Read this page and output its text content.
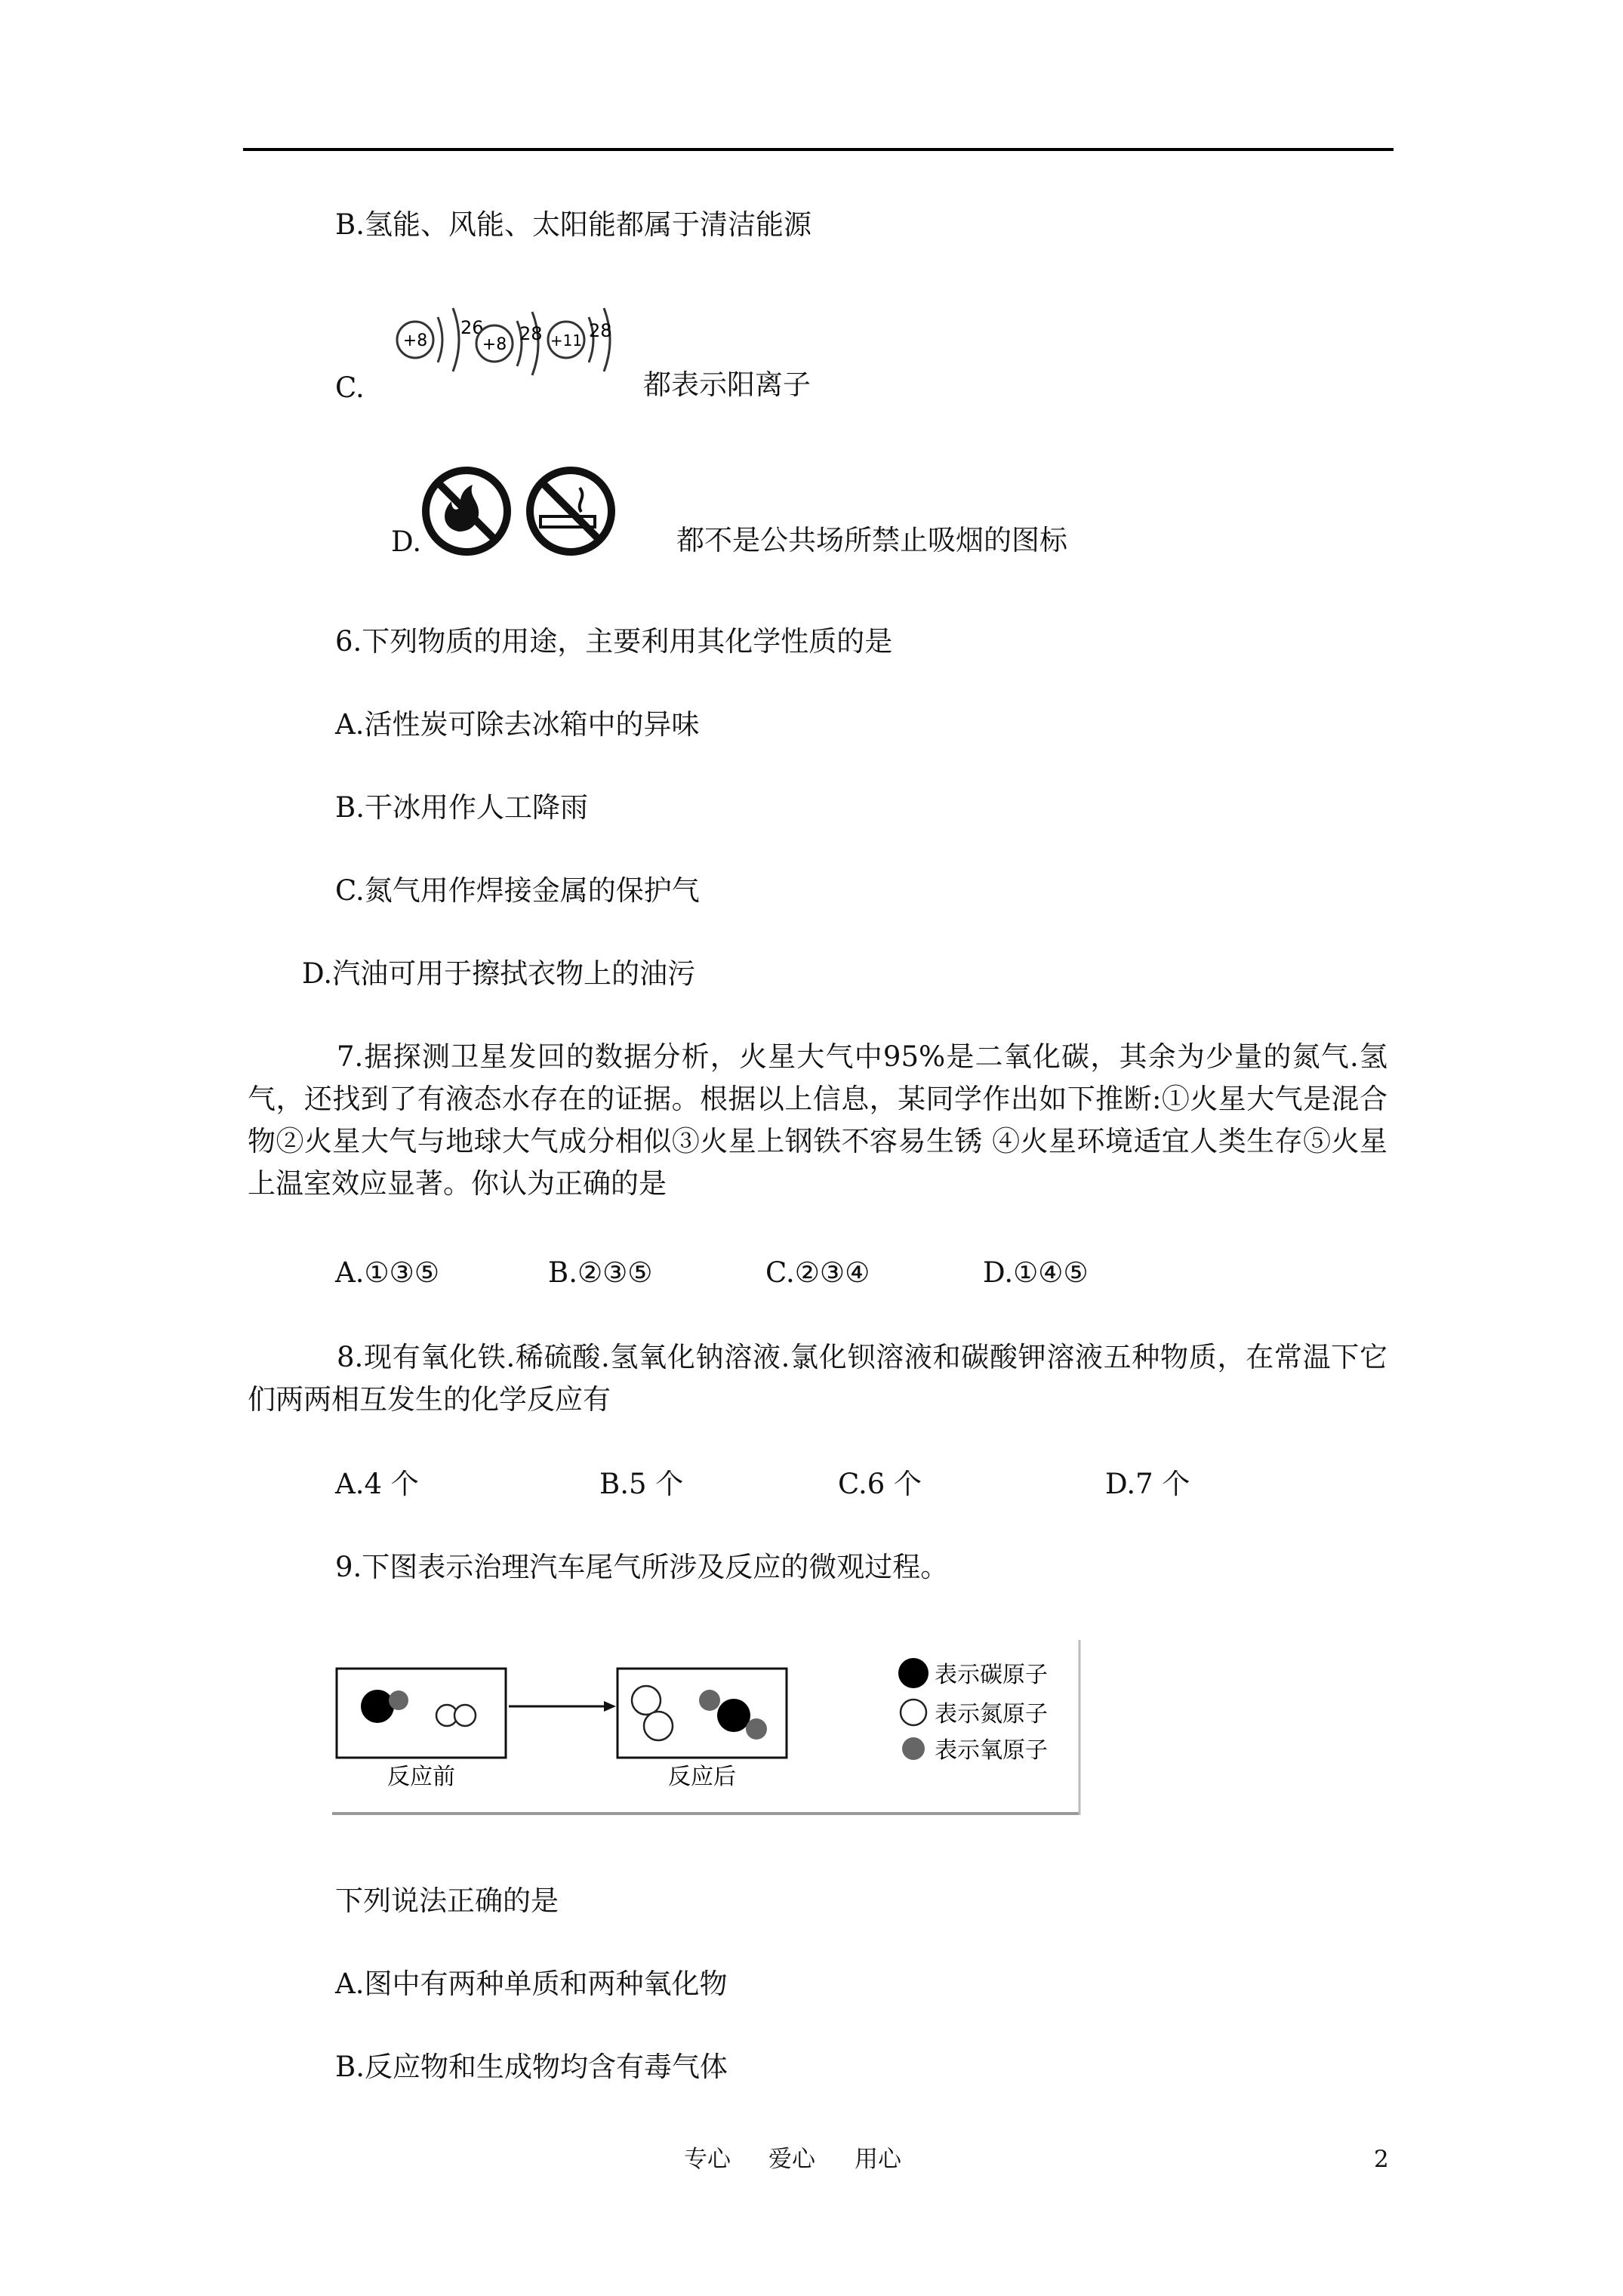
B.氢能、风能、太阳能都属于清洁能源
C.
+8
26
+8
28 +11 28
都表示阳离子
D.	都不是公共场所禁止吸烟的图标
6.下列物质的用途，主要利用其化学性质的是
A.活性炭可除去冰箱中的异味
B.干冰用作人工降雨
C.氮气用作焊接金属的保护气
D.汽油可用于擦拭衣物上的油污
7.据探测卫星发回的数据分析，火星大气中95%是二氧化碳，其余为少量的氮气.氢气，还找到了有液态水存在的证据。根据以上信息，某同学作出如下推断:①火星大气是混合物②火星大气与地球大气成分相似③火星上钢铁不容易生锈 ④火星环境适宜人类生存⑤火星上温室效应显著。你认为正确的是
A.①③⑤	B.②③⑤	C.②③④	D.①④⑤
8.现有氧化铁.稀硫酸.氢氧化钠溶液.氯化钡溶液和碳酸钾溶液五种物质，在常温下它们两两相互发生的化学反应有
A.4 个	B.5 个	C.6 个	D.7 个
9.下图表示治理汽车尾气所涉及反应的微观过程。
反应前	反应后
表示碳原子
表示氮原子
表示氧原子
下列说法正确的是
A.图中有两种单质和两种氧化物
B.反应物和生成物均含有毒气体
专心 爱心 用心	2
